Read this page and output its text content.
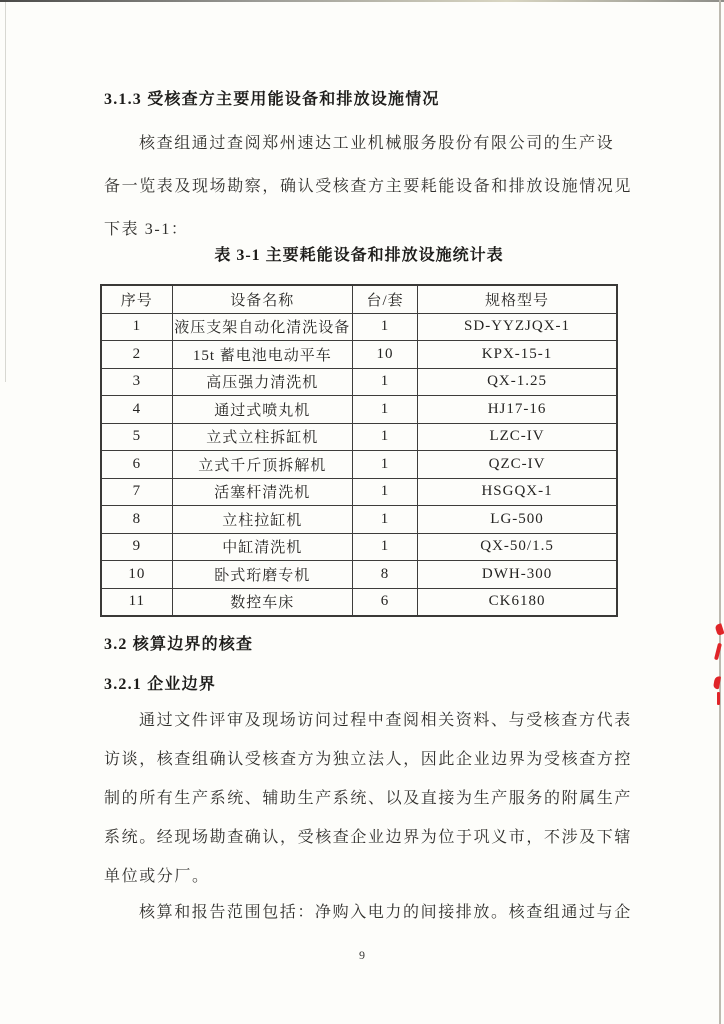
3.1.3 受核查方主要用能设备和排放设施情况
核查组通过查阅郑州速达工业机械服务股份有限公司的生产设
备一览表及现场勘察，确认受核查方主要耗能设备和排放设施情况见
下表 3-1：
表 3-1 主要耗能设备和排放设施统计表
序号	设备名称	台/套	规格型号
1	液压支架自动化清洗设备	1	SD-YYZJQX-1
2	15t 蓄电池电动平车	10	KPX-15-1
3	高压强力清洗机	1	QX-1.25
4	通过式喷丸机	1	HJ17-16
5	立式立柱拆缸机	1	LZC-IV
6	立式千斤顶拆解机	1	QZC-IV
7	活塞杆清洗机	1	HSGQX-1
8	立柱拉缸机	1	LG-500
9	中缸清洗机	1	QX-50/1.5
10	卧式珩磨专机	8	DWH-300
11	数控车床	6	CK6180
3.2 核算边界的核查
3.2.1 企业边界
通过文件评审及现场访问过程中查阅相关资料、与受核查方代表
访谈，核查组确认受核查方为独立法人，因此企业边界为受核查方控
制的所有生产系统、辅助生产系统、以及直接为生产服务的附属生产
系统。经现场勘查确认，受核查企业边界为位于巩义市，不涉及下辖
单位或分厂。
核算和报告范围包括：净购入电力的间接排放。核查组通过与企
9
